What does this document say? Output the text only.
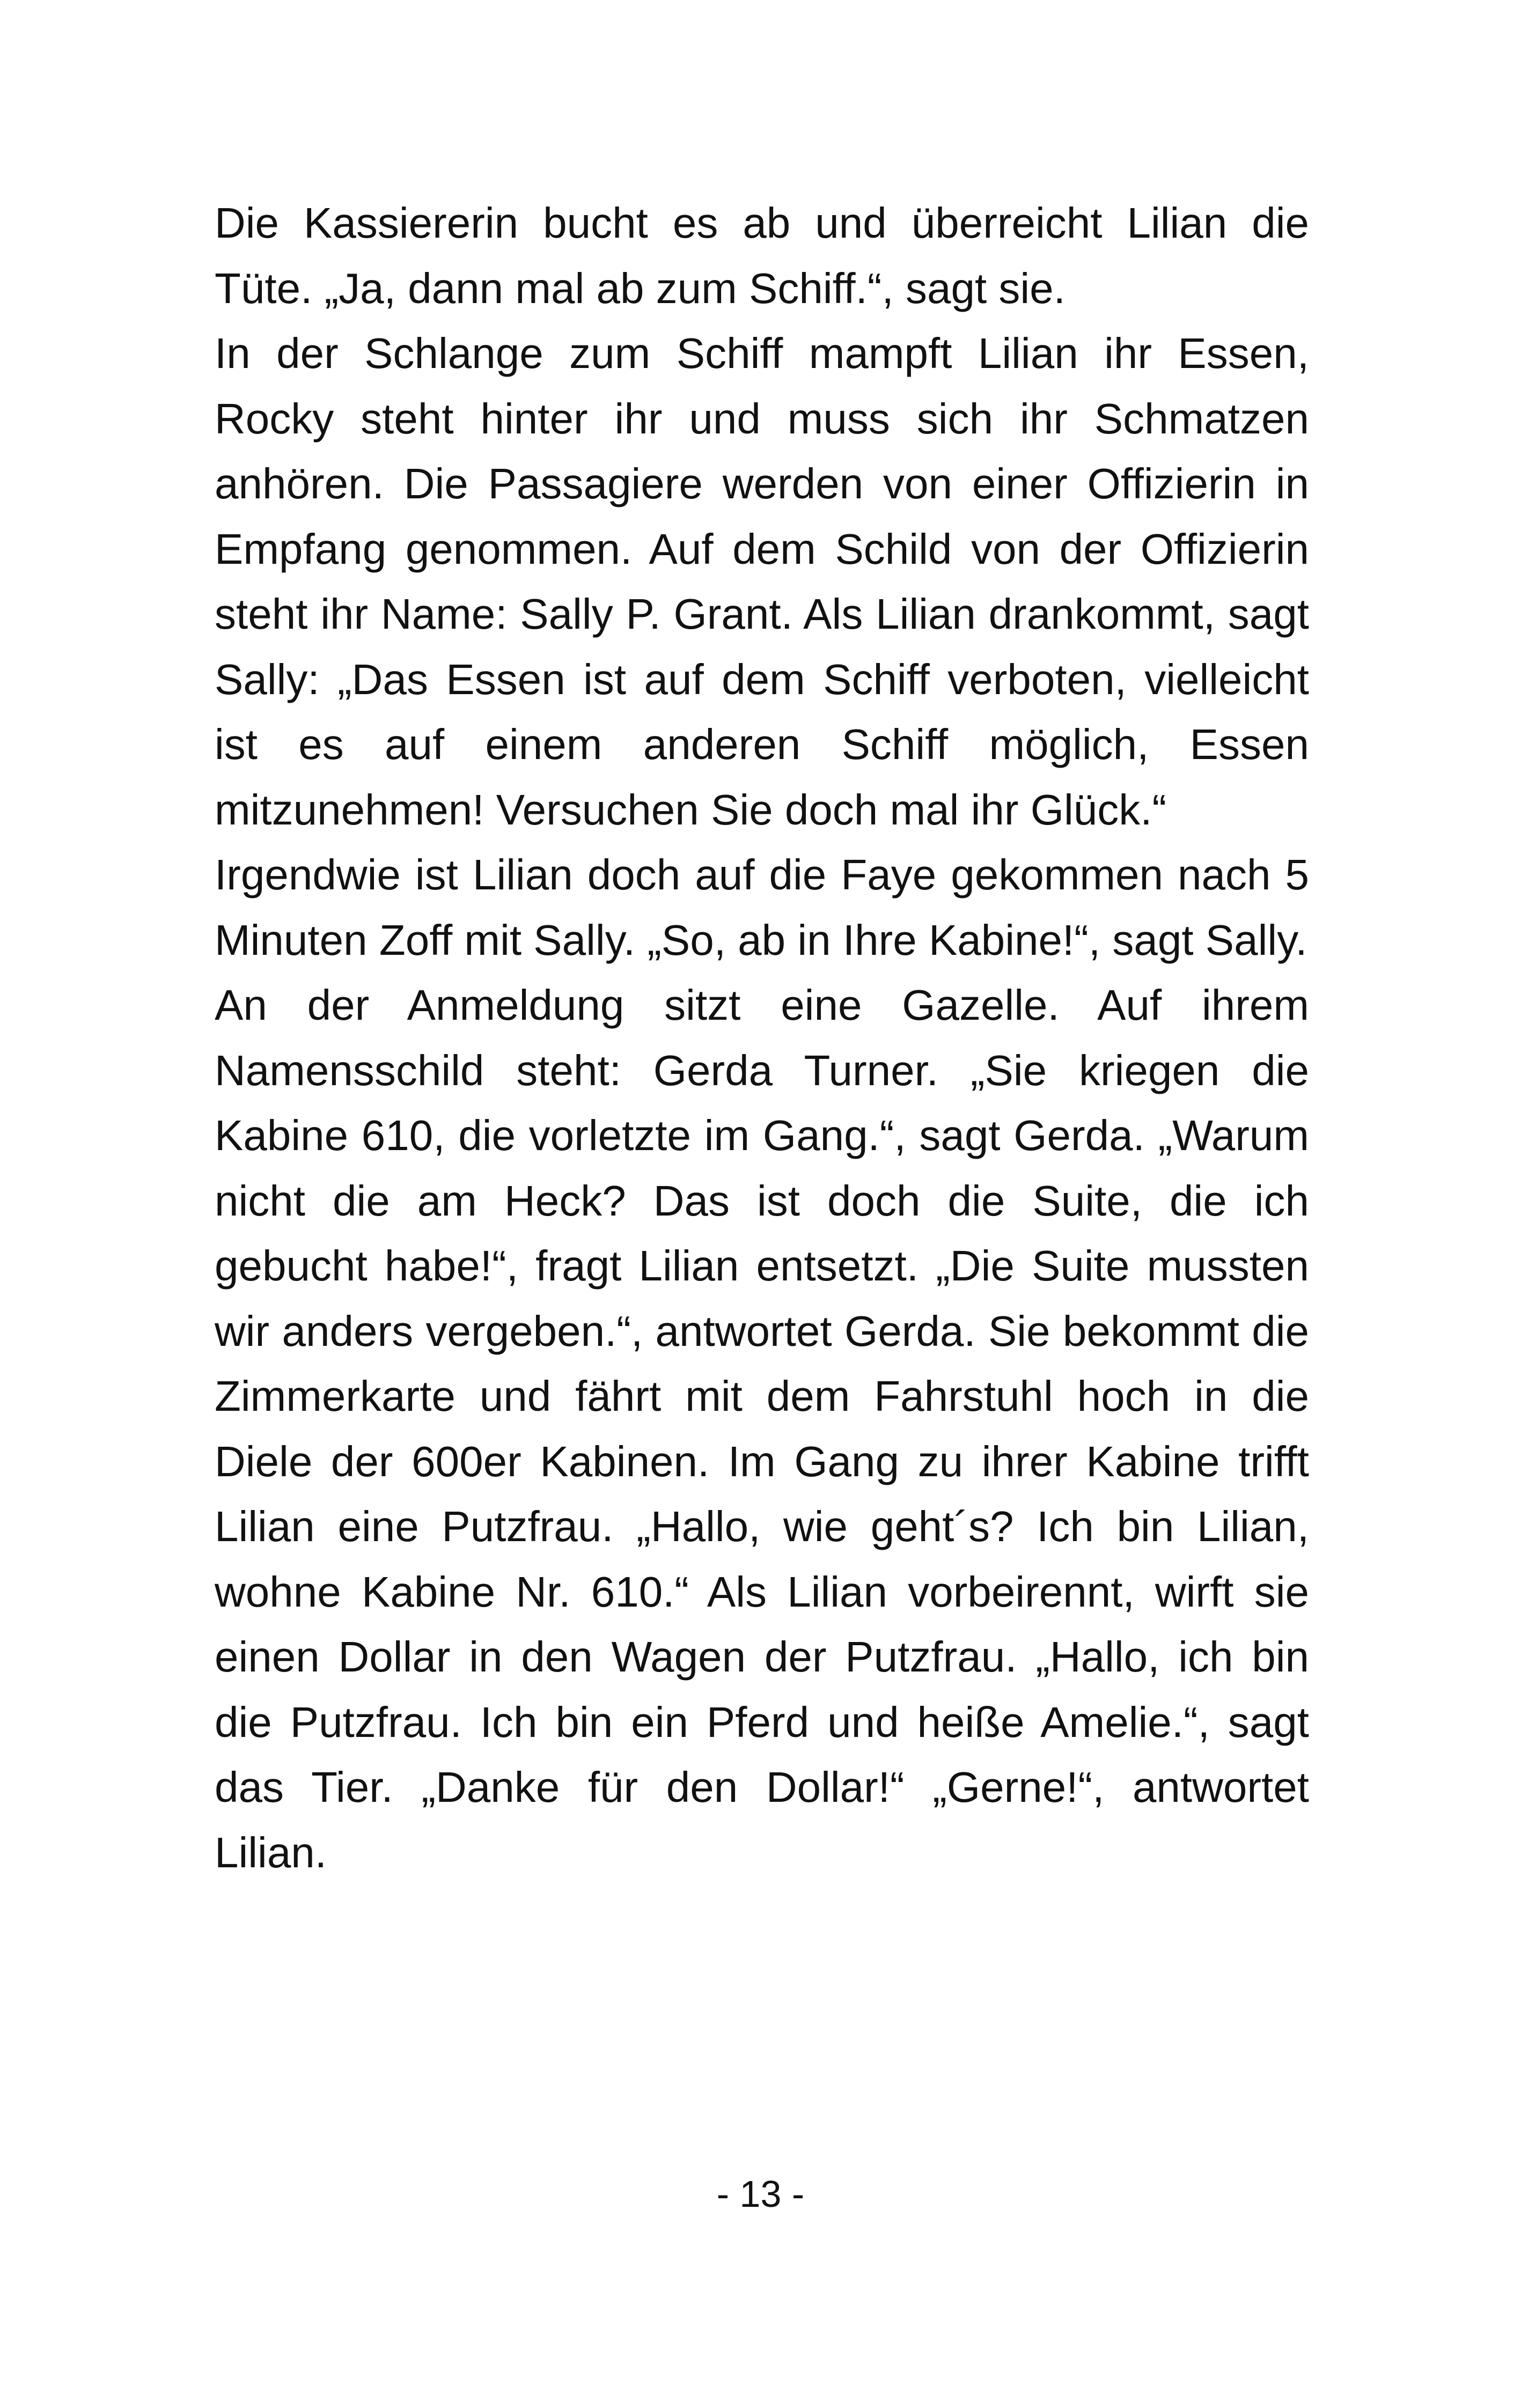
Die Kassiererin bucht es ab und überreicht Lilian die Tüte. „Ja, dann mal ab zum Schiff.“, sagt sie.

In der Schlange zum Schiff mampft Lilian ihr Essen, Rocky steht hinter ihr und muss sich ihr Schmatzen anhören. Die Passagiere werden von einer Offizierin in Empfang genommen. Auf dem Schild von der Offizierin steht ihr Name: Sally P. Grant. Als Lilian drankommt, sagt Sally: „Das Essen ist auf dem Schiff verboten, vielleicht ist es auf einem anderen Schiff möglich, Essen mitzunehmen! Versuchen Sie doch mal ihr Glück.“

Irgendwie ist Lilian doch auf die Faye gekommen nach 5 Minuten Zoff mit Sally. „So, ab in Ihre Kabine!“, sagt Sally.

An der Anmeldung sitzt eine Gazelle. Auf ihrem Namensschild steht: Gerda Turner. „Sie kriegen die Kabine 610, die vorletzte im Gang.“, sagt Gerda. „Warum nicht die am Heck? Das ist doch die Suite, die ich gebucht habe!“, fragt Lilian entsetzt. „Die Suite mussten wir anders vergeben.“, antwortet Gerda. Sie bekommt die Zimmerkarte und fährt mit dem Fahrstuhl hoch in die Diele der 600er Kabinen. Im Gang zu ihrer Kabine trifft Lilian eine Putzfrau. „Hallo, wie geht´s? Ich bin Lilian, wohne Kabine Nr. 610.“ Als Lilian vorbeirennt, wirft sie einen Dollar in den Wagen der Putzfrau. „Hallo, ich bin die Putzfrau. Ich bin ein Pferd und heiße Amelie.“, sagt das Tier. „Danke für den Dollar!“ „Gerne!“, antwortet Lilian.

- 13 -
